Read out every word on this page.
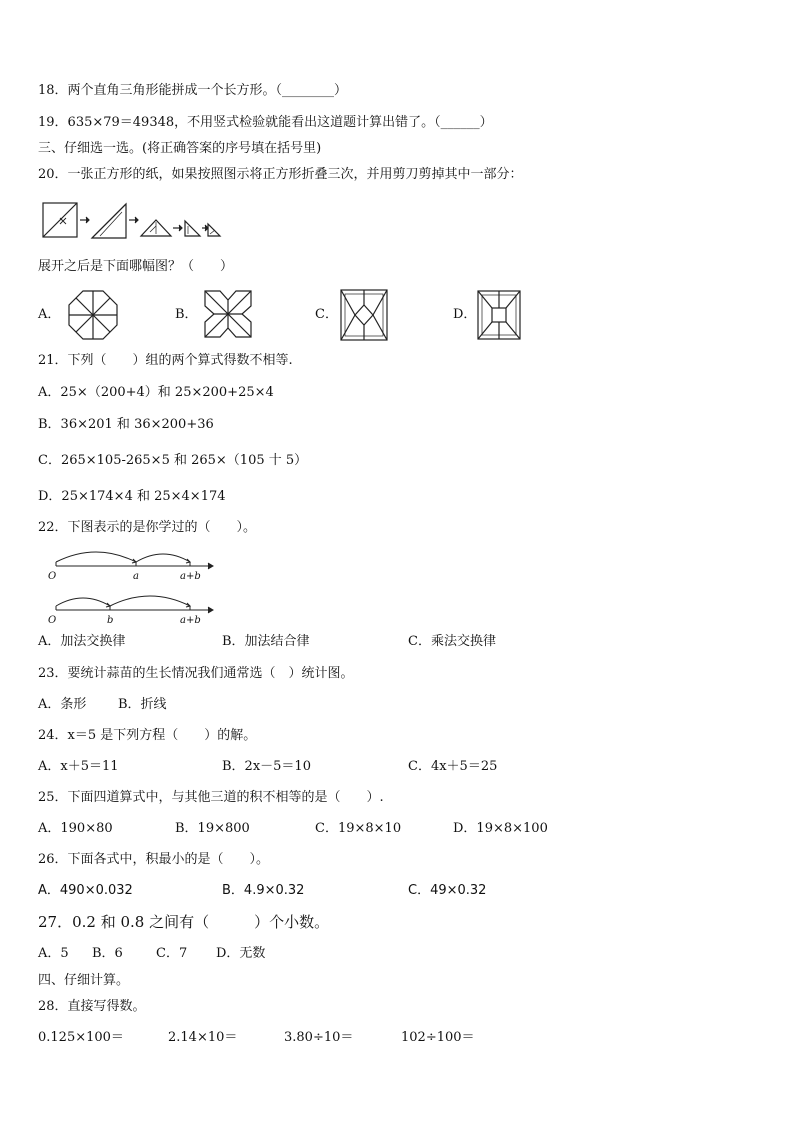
18．两个直角三角形能拼成一个长方形。（________）
19．635×79＝49348，不用竖式检验就能看出这道题计算出错了。（______）
三、仔细选一选。(将正确答案的序号填在括号里)
20．一张正方形的纸，如果按照图示将正方形折叠三次，并用剪刀剪掉其中一部分：
展开之后是下面哪幅图？（　　）
A．	B．	C．	D．
21．下列（　　）组的两个算式得数不相等.
A．25×（200+4）和 25×200+25×4
B．36×201 和 36×200+36
C．265×105-265×5 和 265×（105 十 5）
D．25×174×4 和 25×4×174
22．下图表示的是你学过的（　　）。
O	a	a+b
O	b	a+b
A．加法交换律	B．加法结合律	C．乘法交换律
23．要统计蒜苗的生长情况我们通常选（　）统计图。
A．条形 B．折线
24．x＝5 是下列方程（　　）的解。
A．x＋5＝11	B．2x－5＝10	C．4x＋5＝25
25．下面四道算式中，与其他三道的积不相等的是（　　）.
A．190×80	B．19×800	C．19×8×10	D．19×8×100
26．下面各式中，积最小的是（　　）。
A．490×0.032	B．4.9×0.32	C．49×0.32
27．0.2 和 0.8 之间有（　　　）个小数。
A．5 B．6	C．7 D．无数
四、仔细计算。
28．直接写得数。
0.125×100＝	2.14×10＝	3.80÷10＝	102÷100＝
